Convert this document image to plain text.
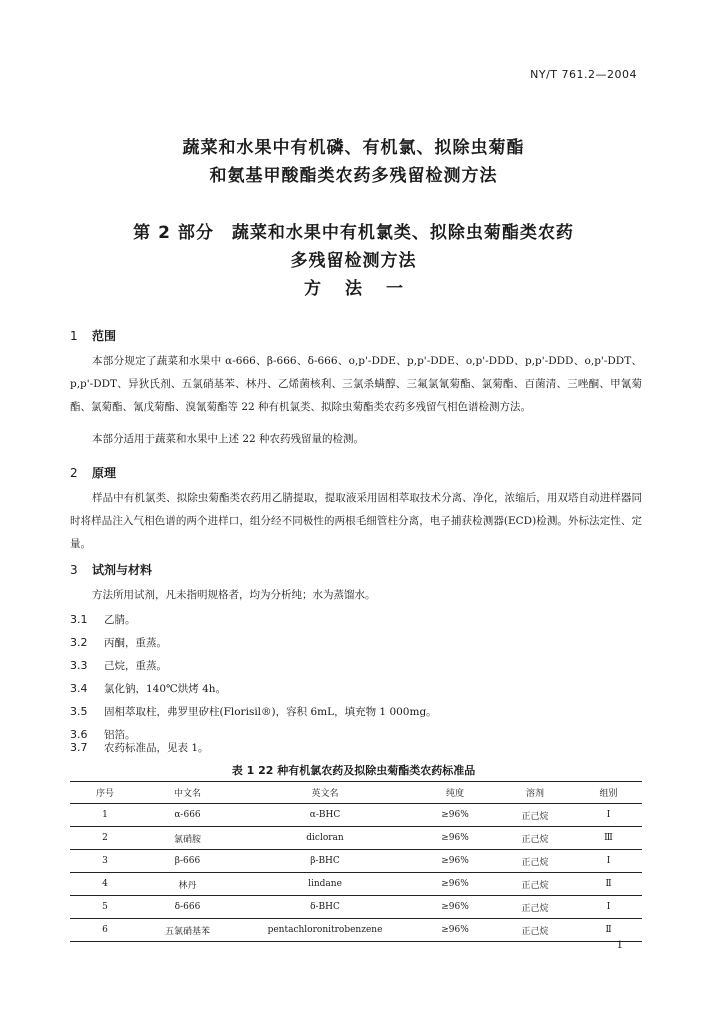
NY/T 761.2—2004
蔬菜和水果中有机磷、有机氯、拟除虫菊酯
和氨基甲酸酯类农药多残留检测方法
第 2 部分 蔬菜和水果中有机氯类、拟除虫菊酯类农药
多残留检测方法
方法一
1 范围
本部分规定了蔬菜和水果中 α-666、β-666、δ-666、o,p'-DDE、p,p'-DDE、o,p'-DDD、p,p'-DDD、o,p'-DDT、p,p'-DDT、异狄氏剂、五氯硝基苯、林丹、乙烯菌核利、三氯杀螨醇、三氟氯氰菊酯、氯菊酯、百菌清、三唑酮、甲氰菊酯、氯菊酯、氰戊菊酯、溴氰菊酯等 22 种有机氯类、拟除虫菊酯类农药多残留气相色谱检测方法。
本部分适用于蔬菜和水果中上述 22 种农药残留量的检测。
2 原理
样品中有机氯类、拟除虫菊酯类农药用乙腈提取，提取液采用固相萃取技术分离、净化，浓缩后，用双塔自动进样器同时将样品注入气相色谱的两个进样口，组分经不同极性的两根毛细管柱分离，电子捕获检测器(ECD)检测。外标法定性、定量。
3 试剂与材料
方法所用试剂，凡未指明规格者，均为分析纯；水为蒸馏水。
3.1 乙腈。
3.2 丙酮，重蒸。
3.3 己烷，重蒸。
3.4 氯化钠，140℃烘烤 4h。
3.5 固相萃取柱，弗罗里矽柱(Florisil®)，容积 6mL，填充物 1 000mg。
3.6 铝箔。
3.7 农药标准品，见表 1。
表 1 22 种有机氯农药及拟除虫菊酯类农药标准品
序号	中文名	英文名	纯度	溶剂	组别
1	α-666	α-BHC	≥96%	正己烷	Ⅰ
2	氯硝胺	dicloran	≥96%	正己烷	Ⅲ
3	β-666	β-BHC	≥96%	正己烷	Ⅰ
4	林丹	lindane	≥96%	正己烷	Ⅱ
5	δ-666	δ-BHC	≥96%	正己烷	Ⅰ
6	五氯硝基苯	pentachloronitrobenzene	≥96%	正己烷	Ⅱ
1
